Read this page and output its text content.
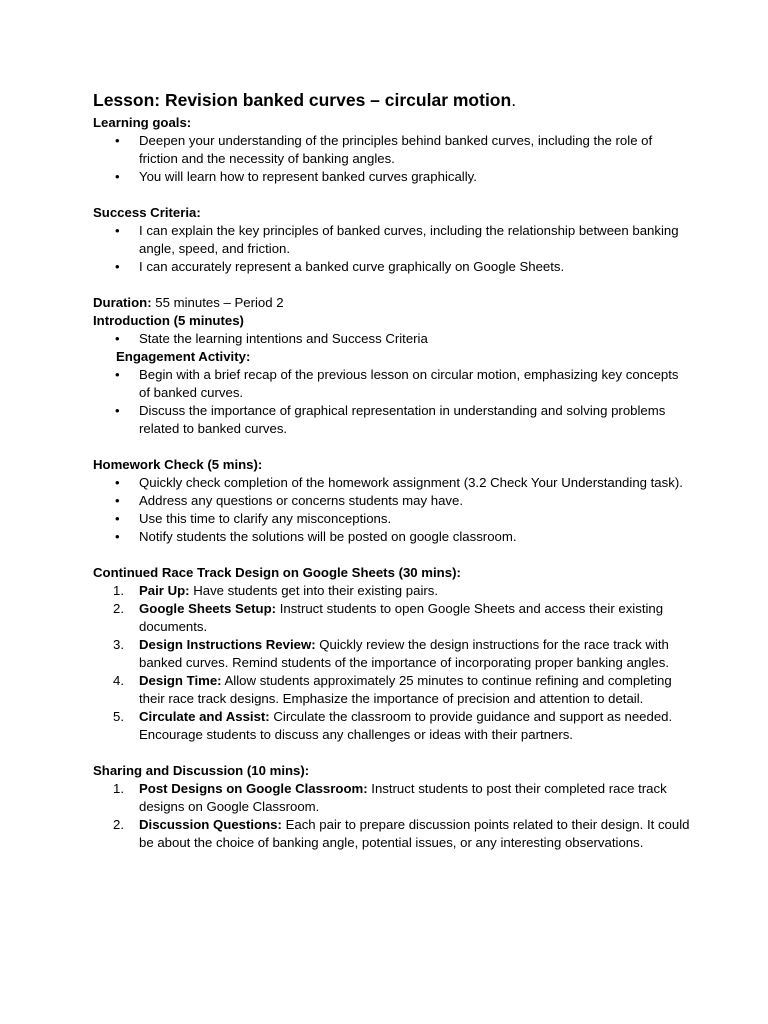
Lesson: Revision banked curves – circular motion.
Learning goals:
• Deepen your understanding of the principles behind banked curves, including the role of friction and the necessity of banking angles.
• You will learn how to represent banked curves graphically.
Success Criteria:
• I can explain the key principles of banked curves, including the relationship between banking angle, speed, and friction.
• I can accurately represent a banked curve graphically on Google Sheets.
Duration: 55 minutes – Period 2
Introduction (5 minutes)
• State the learning intentions and Success Criteria
Engagement Activity:
• Begin with a brief recap of the previous lesson on circular motion, emphasizing key concepts of banked curves.
• Discuss the importance of graphical representation in understanding and solving problems related to banked curves.
Homework Check (5 mins):
• Quickly check completion of the homework assignment (3.2 Check Your Understanding task).
• Address any questions or concerns students may have.
• Use this time to clarify any misconceptions.
• Notify students the solutions will be posted on google classroom.
Continued Race Track Design on Google Sheets (30 mins):
1.	Pair Up: Have students get into their existing pairs.
2.	Google Sheets Setup: Instruct students to open Google Sheets and access their existing documents.
3.	Design Instructions Review: Quickly review the design instructions for the race track with banked curves. Remind students of the importance of incorporating proper banking angles.
4.	Design Time: Allow students approximately 25 minutes to continue refining and completing their race track designs. Emphasize the importance of precision and attention to detail.
5.	Circulate and Assist: Circulate the classroom to provide guidance and support as needed. Encourage students to discuss any challenges or ideas with their partners.
Sharing and Discussion (10 mins):
1.	Post Designs on Google Classroom: Instruct students to post their completed race track designs on Google Classroom.
2.	Discussion Questions: Each pair to prepare discussion points related to their design. It could be about the choice of banking angle, potential issues, or any interesting observations.
